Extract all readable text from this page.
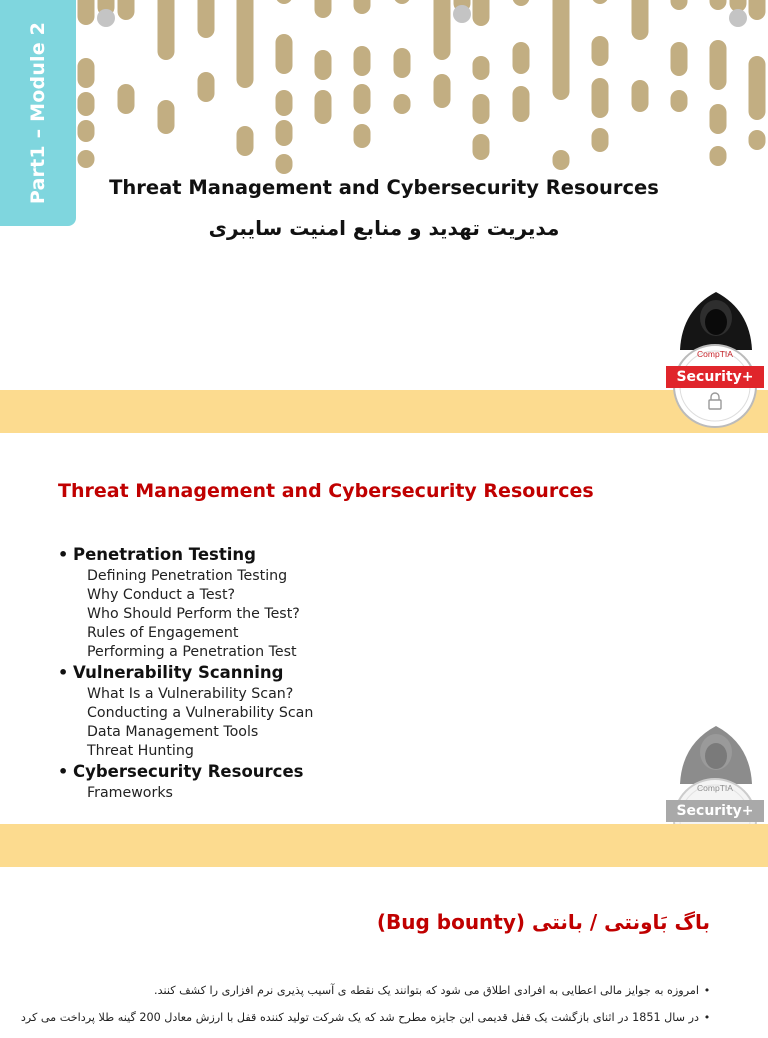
Part1 – Module 2	Threat Management and Cybersecurity Resources
مدیریت تهدید و منابع امنیت سایبری
CompTIA
Security+
Threat Management and Cybersecurity Resources
• Penetration Testing
Defining Penetration Testing
Why Conduct a Test?
Who Should Perform the Test?
Rules of Engagement
Performing a Penetration Test
• Vulnerability Scanning
What Is a Vulnerability Scan?
Conducting a Vulnerability Scan
Data Management Tools
Threat Hunting
• Cybersecurity Resources
Frameworks	CompTIA
Security+
باگ بَاونتی / بانتی (Bug bounty)
•
امروزه به جوایز مالی اعطایی به افرادی اطلاق می شود که بتوانند یک نقطه ی آسیب پذیری نرم افزاری را کشف کنند.
•
در سال 1851 در اثنای بازگشت یک قفل قدیمی این جایزه مطرح شد که یک شرکت تولید کننده قفل با ارزش معادل 200 گینه طلا پرداخت می کرد
